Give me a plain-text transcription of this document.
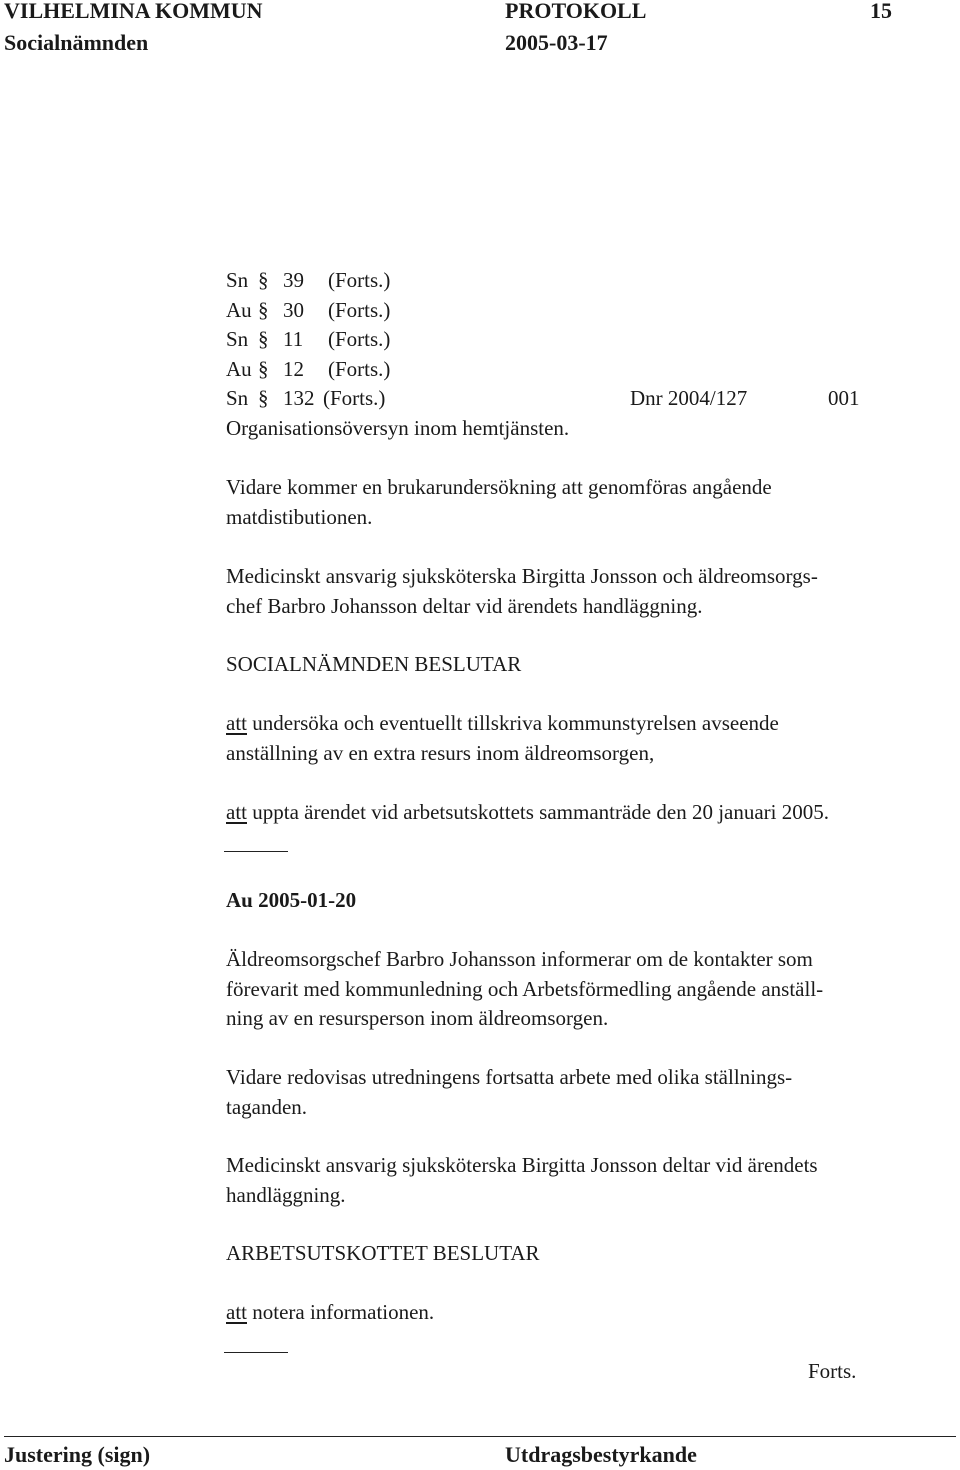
VILHELMINA KOMMUN	PROTOKOLL	15
Socialnämnden	2005-03-17
Sn § 39 (Forts.)
Au § 30 (Forts.)
Sn § 11 (Forts.)
Au § 12 (Forts.)
Sn § 132 (Forts.)	Dnr 2004/127	001
Organisationsöversyn inom hemtjänsten.
Vidare kommer en brukarundersökning att genomföras angående
matdistibutionen.
Medicinskt ansvarig sjuksköterska Birgitta Jonsson och äldreomsorgs-
chef Barbro Johansson deltar vid ärendets handläggning.
SOCIALNÄMNDEN BESLUTAR
att undersöka och eventuellt tillskriva kommunstyrelsen avseende
anställning av en extra resurs inom äldreomsorgen,
att uppta ärendet vid arbetsutskottets sammanträde den 20 januari 2005.
Au 2005-01-20
Äldreomsorgschef Barbro Johansson informerar om de kontakter som
förevarit med kommunledning och Arbetsförmedling angående anställ-
ning av en resursperson inom äldreomsorgen.
Vidare redovisas utredningens fortsatta arbete med olika ställnings-
taganden.
Medicinskt ansvarig sjuksköterska Birgitta Jonsson deltar vid ärendets
handläggning.
ARBETSUTSKOTTET BESLUTAR
att notera informationen.
Forts.
Justering (sign)	Utdragsbestyrkande
